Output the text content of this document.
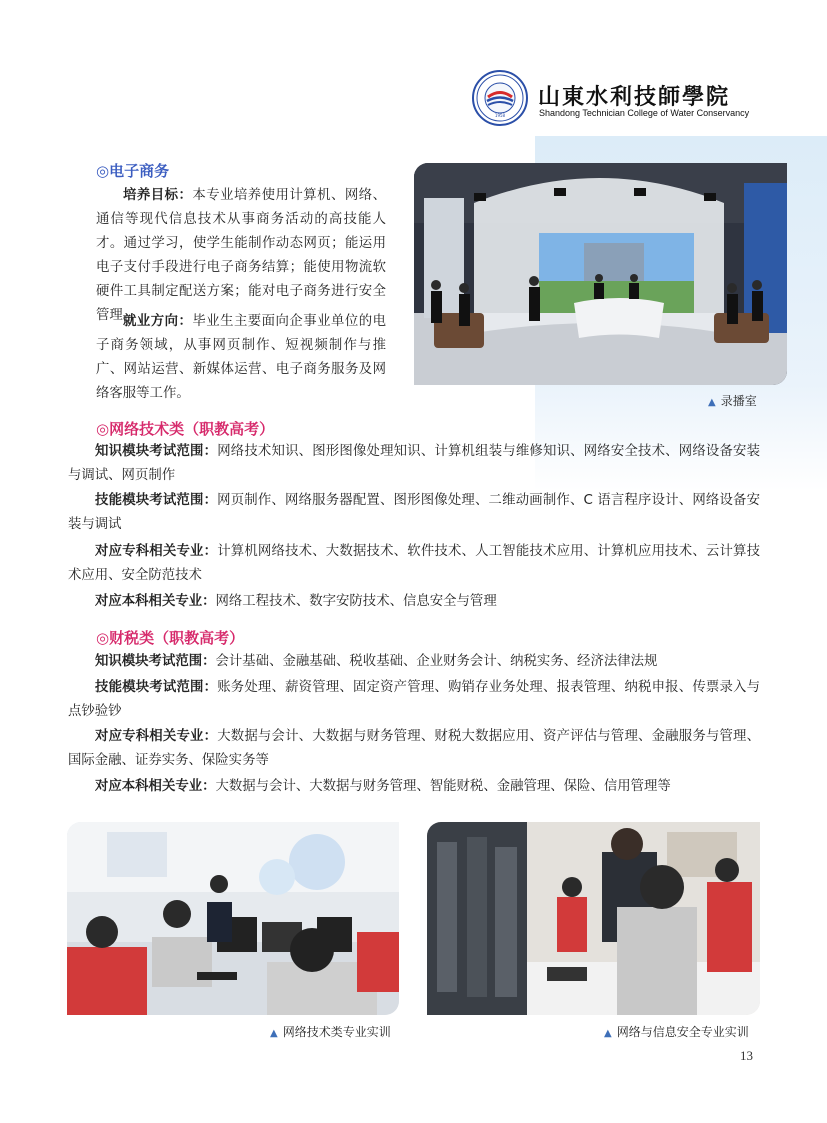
1958
山東水利技師學院
Shandong Technician College of Water Conservancy
◎电子商务

培养目标：本专业培养使用计算机、网络、通信等现代信息技术从事商务活动的高技能人才。通过学习，使学生能制作动态网页；能运用电子支付手段进行电子商务结算；能使用物流软硬件工具制定配送方案；能对电子商务进行安全管理。

就业方向：毕业生主要面向企事业单位的电子商务领域，从事网页制作、短视频制作与推广、网站运营、新媒体运营、电子商务服务及网络客服等工作。

▲ 录播室
◎网络技术类（职教高考）

知识模块考试范围：网络技术知识、图形图像处理知识、计算机组装与维修知识、网络安全技术、网络设备安装与调试、网页制作

技能模块考试范围：网页制作、网络服务器配置、图形图像处理、二维动画制作、C 语言程序设计、网络设备安装与调试

对应专科相关专业：计算机网络技术、大数据技术、软件技术、人工智能技术应用、计算机应用技术、云计算技术应用、安全防范技术

对应本科相关专业：网络工程技术、数字安防技术、信息安全与管理

◎财税类（职教高考）

知识模块考试范围：会计基础、金融基础、税收基础、企业财务会计、纳税实务、经济法律法规

技能模块考试范围：账务处理、薪资管理、固定资产管理、购销存业务处理、报表管理、纳税申报、传票录入与点钞验钞

对应专科相关专业：大数据与会计、大数据与财务管理、财税大数据应用、资产评估与管理、金融服务与管理、国际金融、证券实务、保险实务等

对应本科相关专业：大数据与会计、大数据与财务管理、智能财税、金融管理、保险、信用管理等

▲ 网络技术类专业实训	▲ 网络与信息安全专业实训
13
